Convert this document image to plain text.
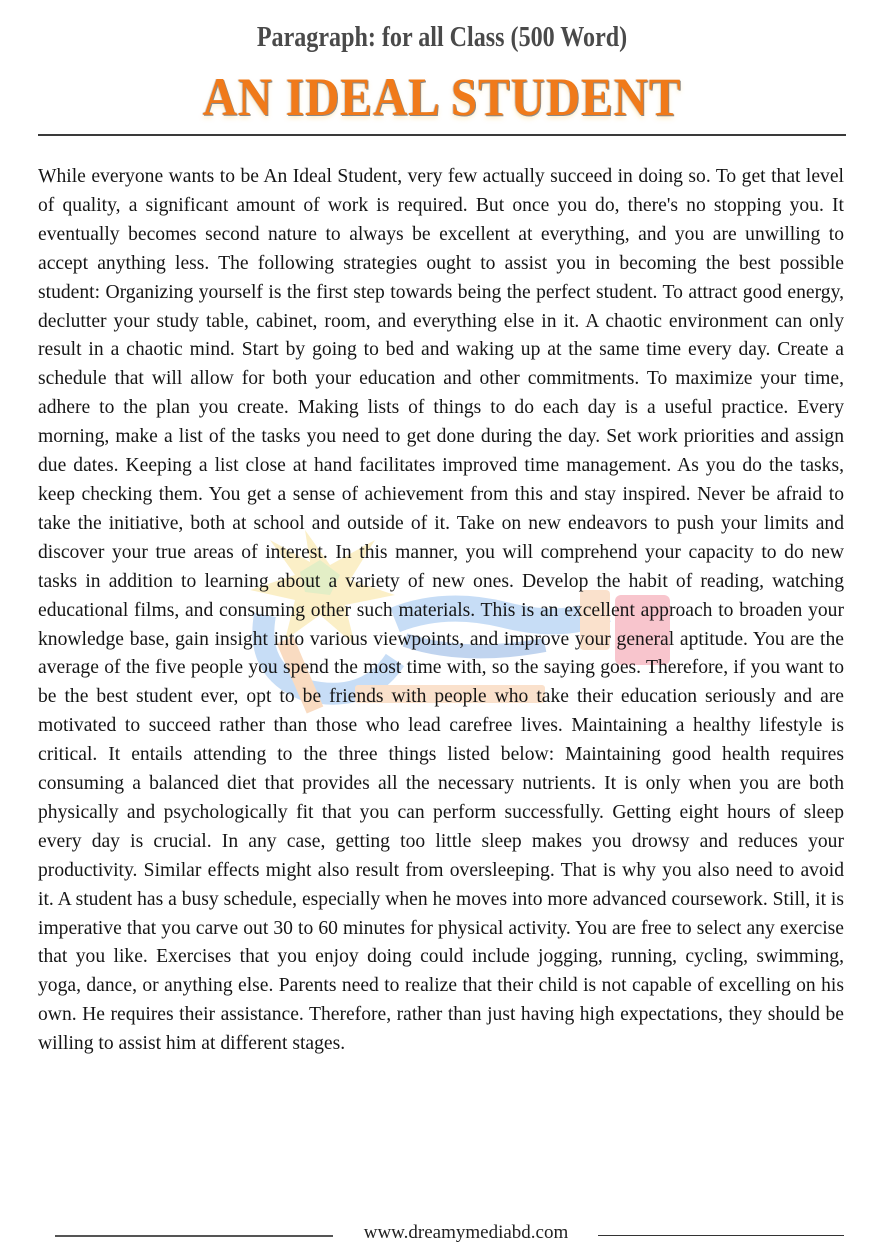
Paragraph: for all Class (500 Word)
AN IDEAL STUDENT

While everyone wants to be An Ideal Student, very few actually succeed in doing so. To get that level of quality, a significant amount of work is required. But once you do, there's no stopping you. It eventually becomes second nature to always be excellent at everything, and you are unwilling to accept anything less. The following strategies ought to assist you in becoming the best possible student: Organizing yourself is the first step towards being the perfect student. To attract good energy, declutter your study table, cabinet, room, and everything else in it. A chaotic environment can only result in a chaotic mind. Start by going to bed and waking up at the same time every day. Create a schedule that will allow for both your education and other commitments. To maximize your time, adhere to the plan you create. Making lists of things to do each day is a useful practice. Every morning, make a list of the tasks you need to get done during the day. Set work priorities and assign due dates. Keeping a list close at hand facilitates improved time management. As you do the tasks, keep checking them. You get a sense of achievement from this and stay inspired. Never be afraid to take the initiative, both at school and outside of it. Take on new endeavors to push your limits and discover your true areas of interest. In this manner, you will comprehend your capacity to do new tasks in addition to learning about a variety of new ones. Develop the habit of reading, watching educational films, and consuming other such materials. This is an excellent approach to broaden your knowledge base, gain insight into various viewpoints, and improve your general aptitude. You are the average of the five people you spend the most time with, so the saying goes. Therefore, if you want to be the best student ever, opt to be friends with people who take their education seriously and are motivated to succeed rather than those who lead carefree lives. Maintaining a healthy lifestyle is critical. It entails attending to the three things listed below: Maintaining good health requires consuming a balanced diet that provides all the necessary nutrients. It is only when you are both physically and psychologically fit that you can perform successfully. Getting eight hours of sleep every day is crucial. In any case, getting too little sleep makes you drowsy and reduces your productivity. Similar effects might also result from oversleeping. That is why you also need to avoid it. A student has a busy schedule, especially when he moves into more advanced coursework. Still, it is imperative that you carve out 30 to 60 minutes for physical activity. You are free to select any exercise that you like. Exercises that you enjoy doing could include jogging, running, cycling, swimming, yoga, dance, or anything else. Parents need to realize that their child is not capable of excelling on his own. He requires their assistance. Therefore, rather than just having high expectations, they should be willing to assist him at different stages.

www.dreamymediabd.com
